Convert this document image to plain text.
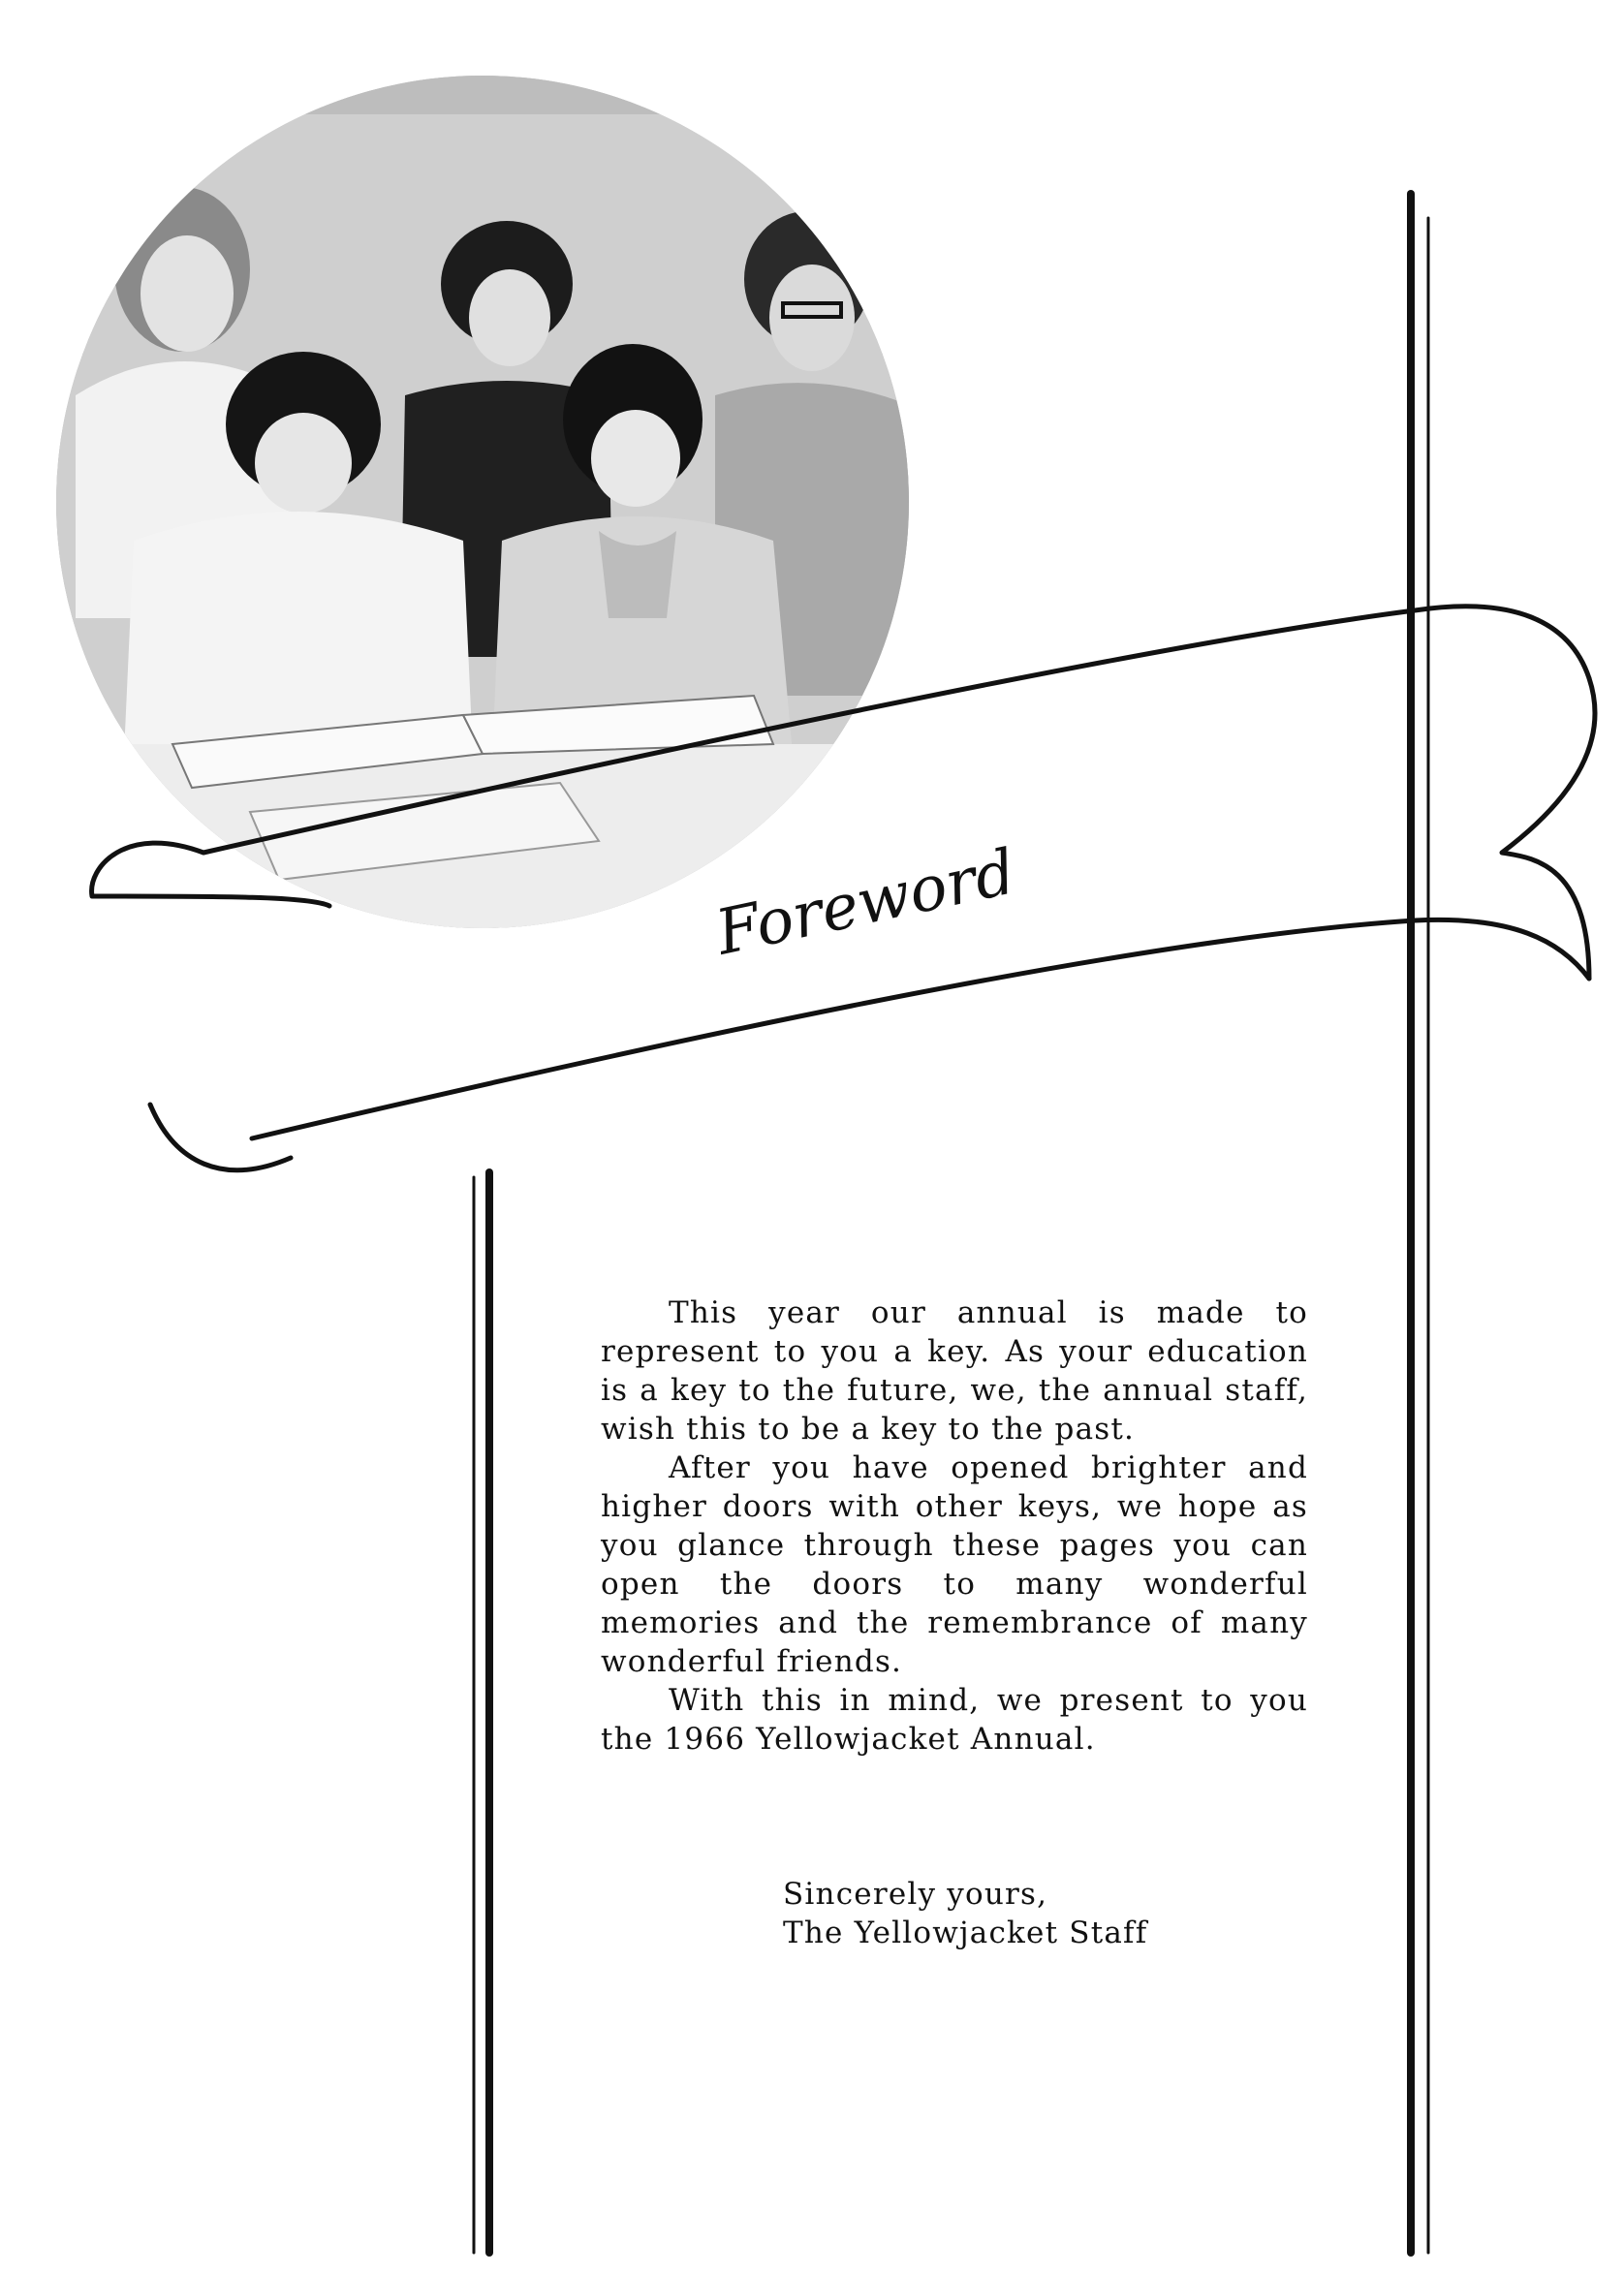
Foreword

This year our annual is made to represent to you a key. As your education is a key to the future, we, the annual staff, wish this to be a key to the past.

After you have opened brighter and higher doors with other keys, we hope as you glance through these pages you can open the doors to many wonderful memories and the remembrance of many wonderful friends.

With this in mind, we present to you the 1966 Yellowjacket Annual.

Sincerely yours,
The Yellowjacket Staff
